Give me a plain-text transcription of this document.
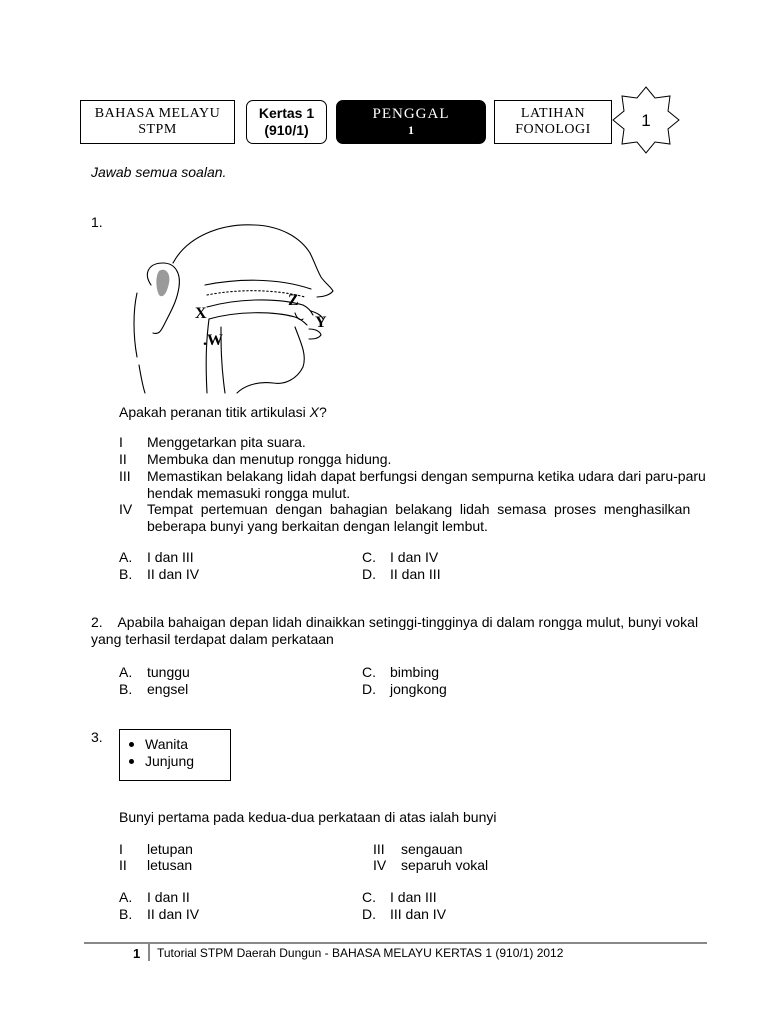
BAHASA MELAYU
STPM
Kertas 1
(910/1)
PENGGAL
1
LATIHAN
FONOLOGI	1
Jawab semua soalan.
1.
X
Z
Y
.W
Apakah peranan titik artikulasi X?
I Menggetarkan pita suara.
II Membuka dan menutup rongga hidung.
III Memastikan belakang lidah dapat berfungsi dengan sempurna ketika udara dari paru-paru
hendak memasuki rongga mulut.
IV Tempat  pertemuan  dengan  bahagian  belakang  lidah  semasa  proses  menghasilkan
beberapa bunyi yang berkaitan dengan lelangit lembut.
A. I dan III
B. II dan IV
C. I dan IV
D. II dan III
2.    Apabila bahaigan depan lidah dinaikkan setinggi-tingginya di dalam rongga mulut, bunyi vokal
yang terhasil terdapat dalam perkataan
A. tunggu
B. engsel
C. bimbing
D. jongkong
3.	Wanita
Junjung
Bunyi pertama pada kedua-dua perkataan di atas ialah bunyi
I letupan
II letusan
III sengauan
IV separuh vokal
A. I dan II
B. II dan IV
C. I dan III
D. III dan IV
1 Tutorial STPM Daerah Dungun - BAHASA MELAYU KERTAS 1 (910/1) 2012
